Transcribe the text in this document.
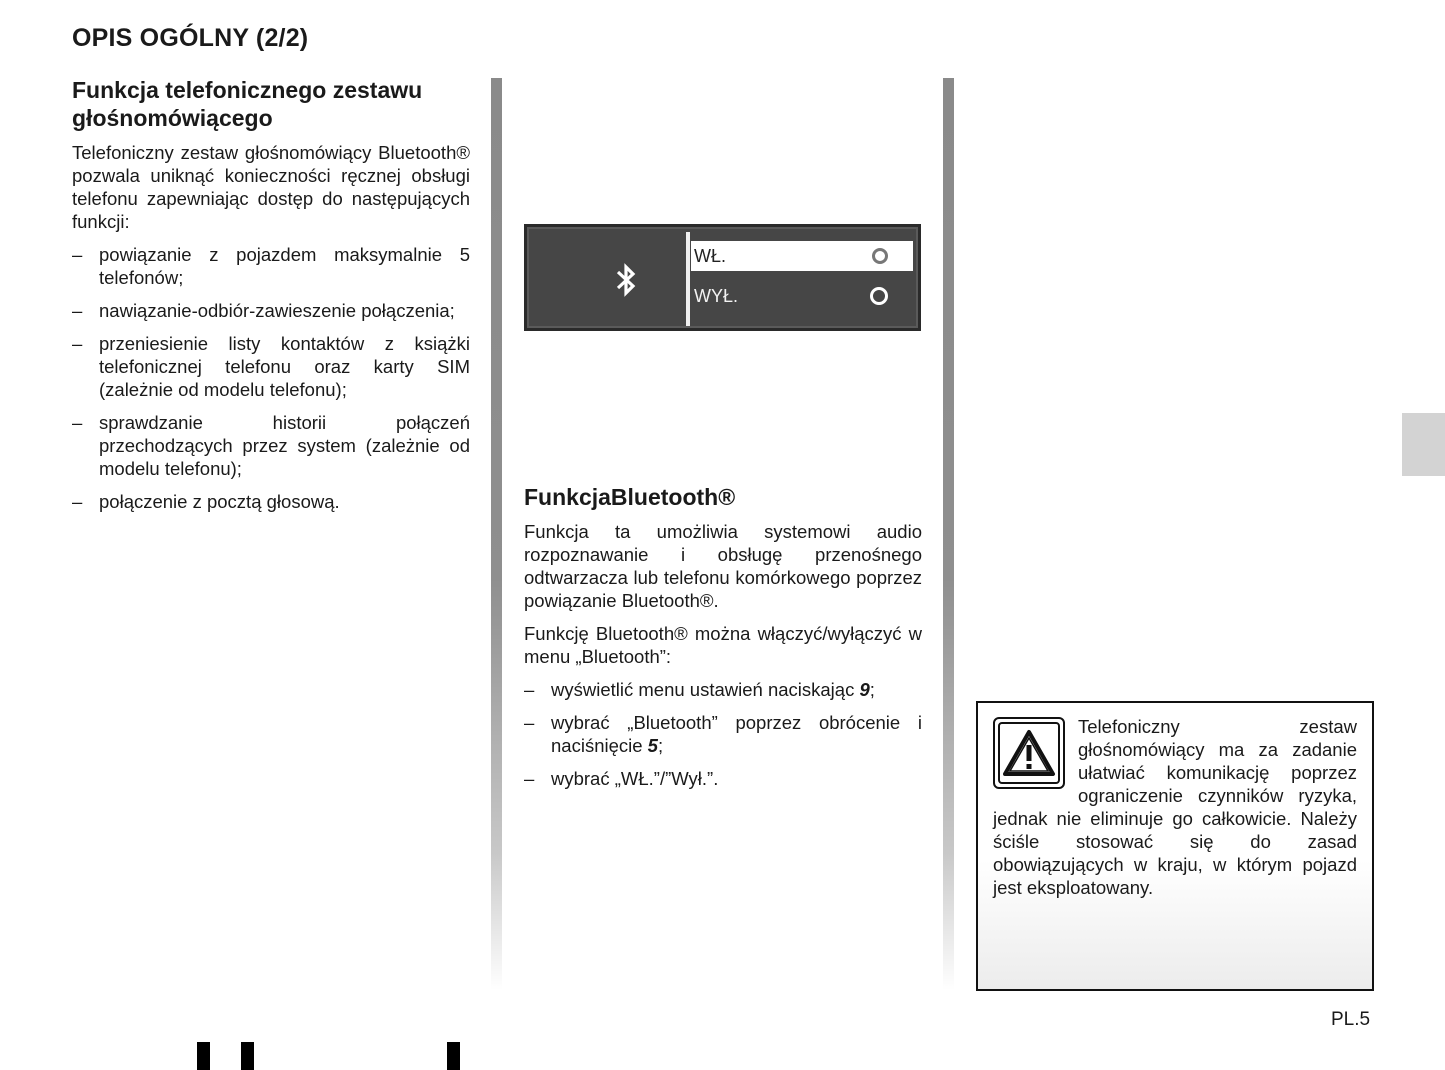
OPIS OGÓLNY (2/2)
Funkcja telefonicznego zestawu głośnomówiącego

Telefoniczny zestaw głośnomówiący Bluetooth® pozwala uniknąć konieczności ręcznej obsługi telefonu zapewniając dostęp do następujących funkcji:

– powiązanie z pojazdem maksymalnie 5 telefonów;
– nawiązanie-odbiór-zawieszenie połączenia;
– przeniesienie listy kontaktów z książki telefonicznej telefonu oraz karty SIM (zależnie od modelu telefonu);
– sprawdzanie historii połączeń przechodzących przez system (zależnie od modelu telefonu);
– połączenie z pocztą głosową.
WŁ.
WYŁ.
FunkcjaBluetooth®

Funkcja ta umożliwia systemowi audio rozpoznawanie i obsługę przenośnego odtwarzacza lub telefonu komórkowego poprzez powiązanie Bluetooth®.

Funkcję Bluetooth® można włączyć/wyłączyć w menu „Bluetooth”:

– wyświetlić menu ustawień naciskając 9;
– wybrać „Bluetooth” poprzez obrócenie i naciśnięcie 5;
– wybrać „WŁ.”/”Wył.”.
Telefoniczny zestaw głośnomówiący ma za zadanie ułatwiać komunikację poprzez ograniczenie czynników ryzyka, jednak nie eliminuje go całkowicie. Należy ściśle stosować się do zasad obowiązujących w kraju, w którym pojazd jest eksploatowany.
PL.5
